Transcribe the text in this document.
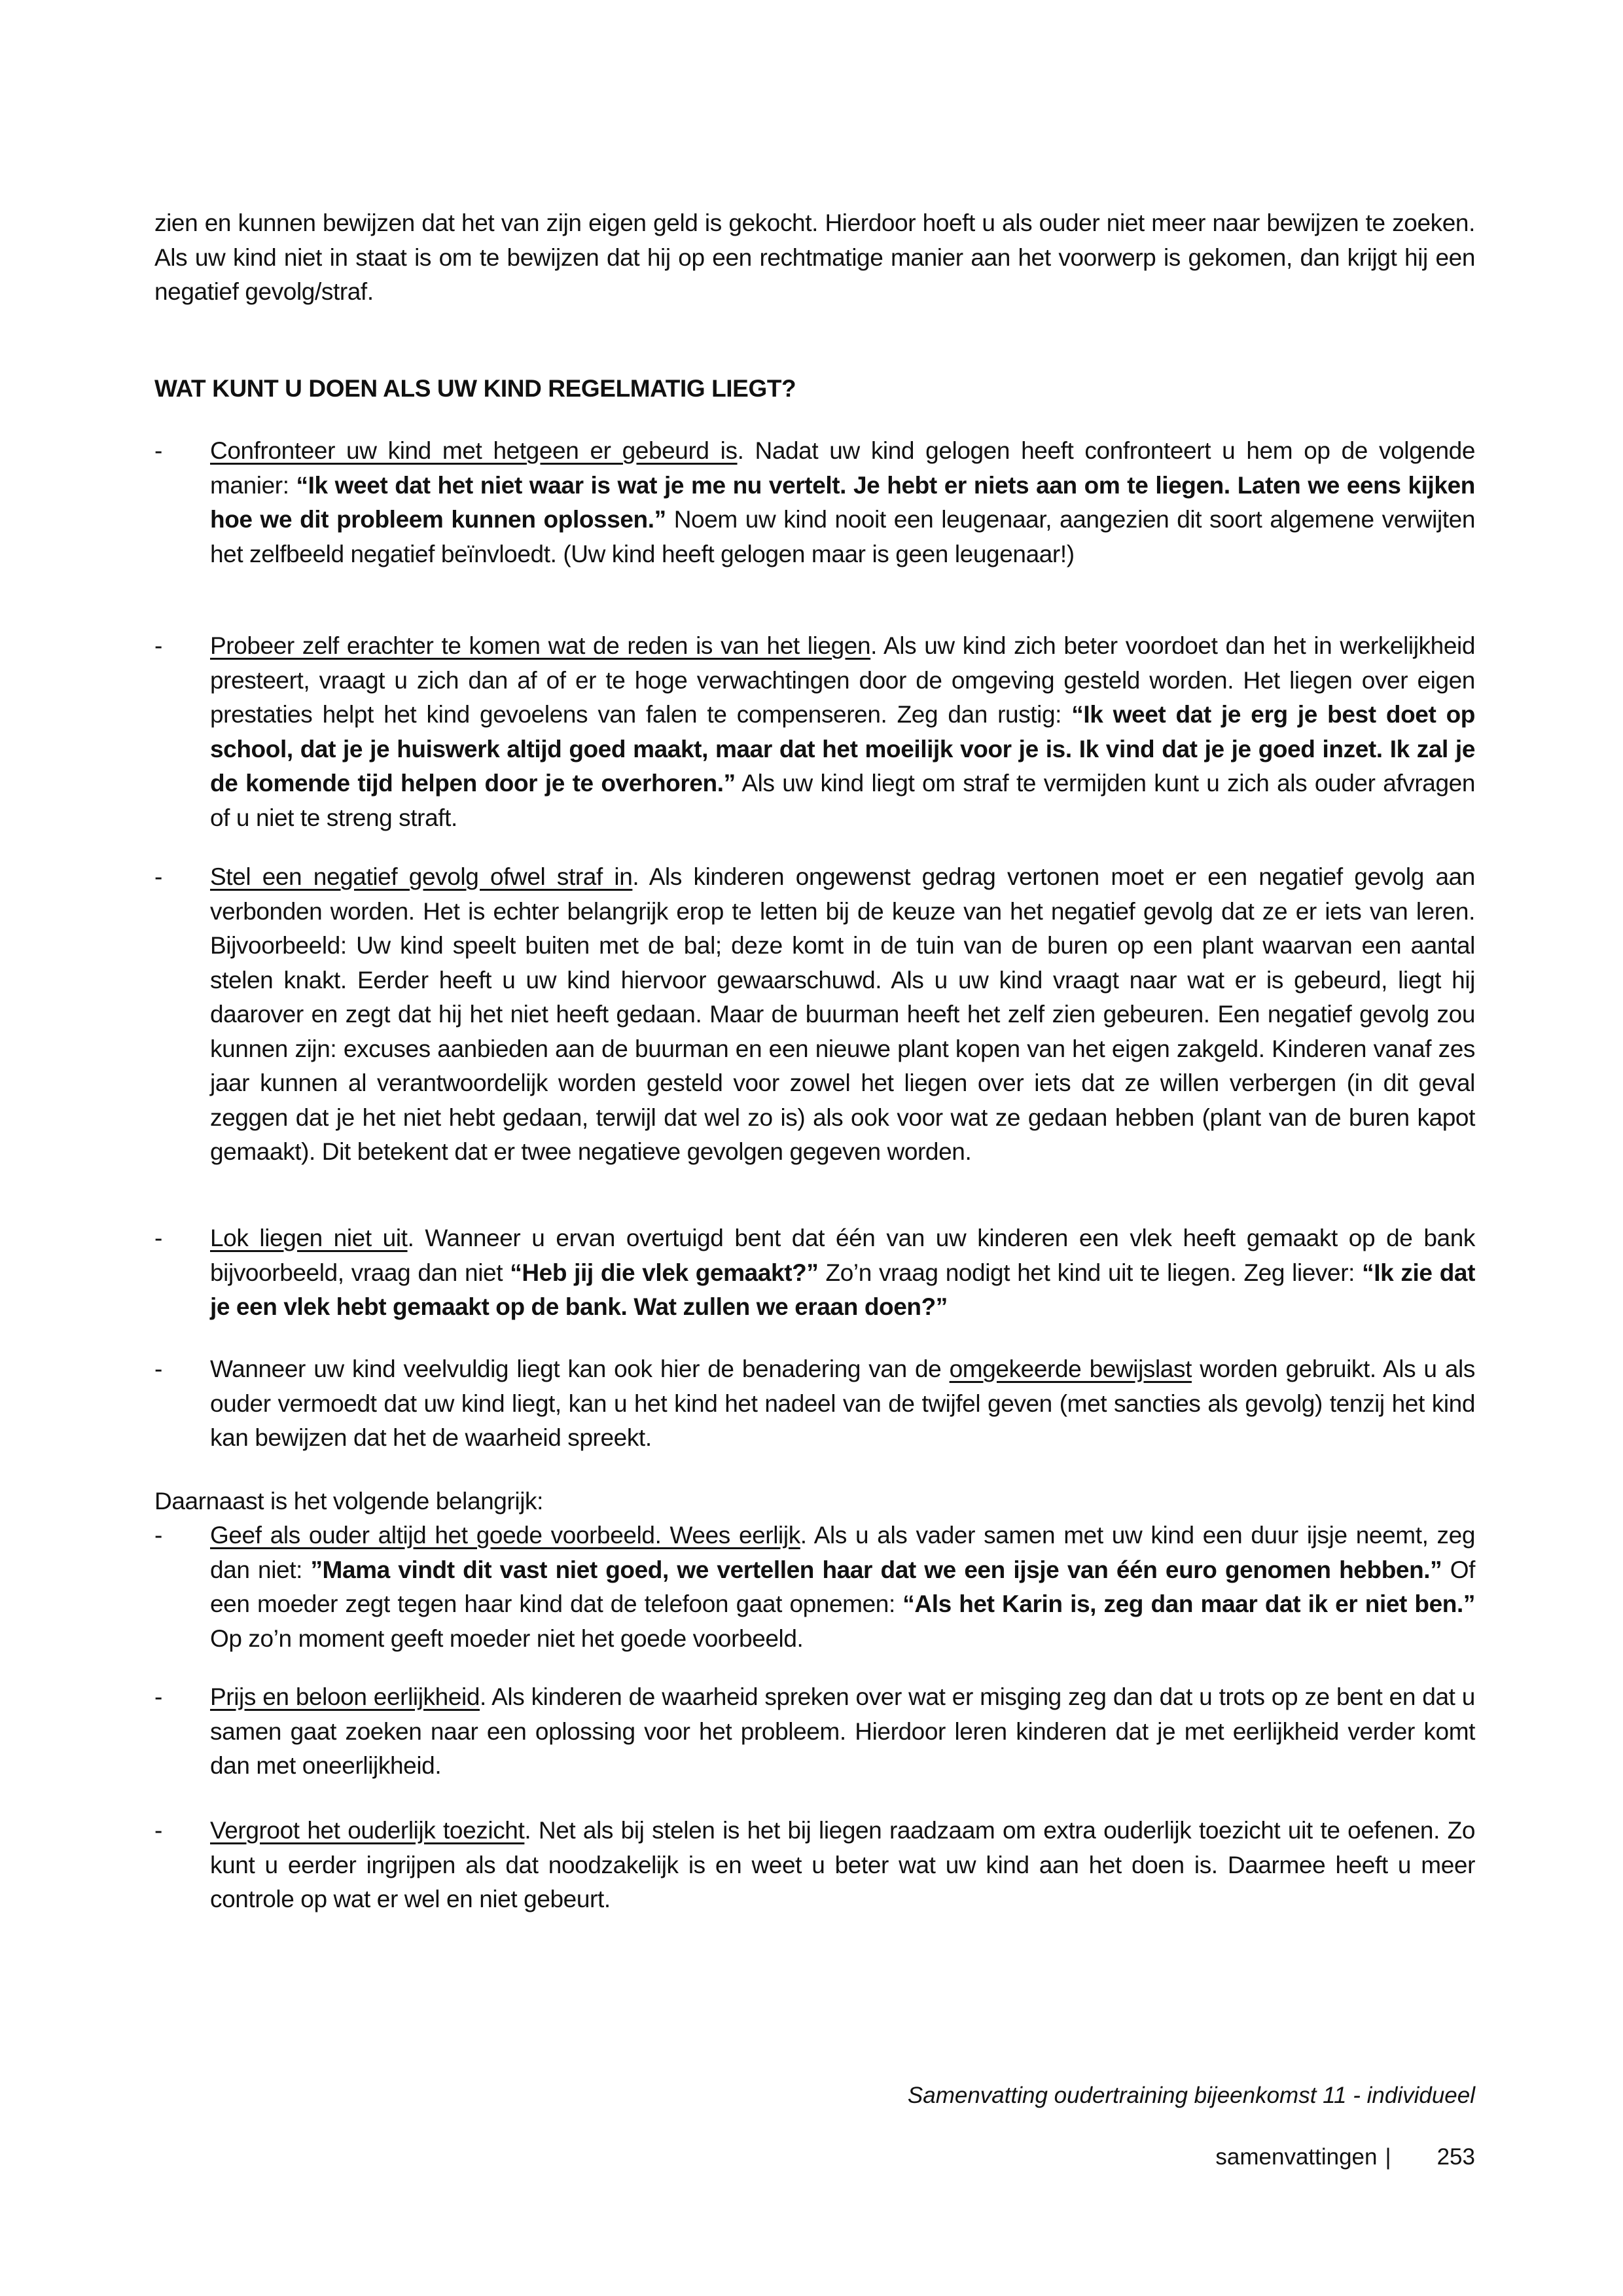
zien en kunnen bewijzen dat het van zijn eigen geld is gekocht. Hierdoor hoeft u als ouder niet meer naar bewijzen te zoeken. Als uw kind niet in staat is om te bewijzen dat hij op een rechtmatige manier aan het voorwerp is gekomen, dan krijgt hij een negatief gevolg/straf.
WAT KUNT U DOEN ALS UW KIND REGELMATIG LIEGT?
- Confronteer uw kind met hetgeen er gebeurd is. Nadat uw kind gelogen heeft confronteert u hem op de volgende manier: “Ik weet dat het niet waar is wat je me nu vertelt. Je hebt er niets aan om te liegen. Laten we eens kijken hoe we dit probleem kunnen oplossen.” Noem uw kind nooit een leugenaar, aangezien dit soort algemene verwijten het zelfbeeld negatief beïnvloedt. (Uw kind heeft gelogen maar is geen leugenaar!)
- Probeer zelf erachter te komen wat de reden is van het liegen. Als uw kind zich beter voordoet dan het in werkelijkheid presteert, vraagt u zich dan af of er te hoge verwachtingen door de omgeving gesteld worden. Het liegen over eigen prestaties helpt het kind gevoelens van falen te compenseren. Zeg dan rustig: “Ik weet dat je erg je best doet op school, dat je je huiswerk altijd goed maakt, maar dat het moeilijk voor je is. Ik vind dat je je goed inzet. Ik zal je de komende tijd helpen door je te overhoren.” Als uw kind liegt om straf te vermijden kunt u zich als ouder afvragen of u niet te streng straft.
- Stel een negatief gevolg ofwel straf in. Als kinderen ongewenst gedrag vertonen moet er een negatief gevolg aan verbonden worden. Het is echter belangrijk erop te letten bij de keuze van het negatief gevolg dat ze er iets van leren. Bijvoorbeeld: Uw kind speelt buiten met de bal; deze komt in de tuin van de buren op een plant waarvan een aantal stelen knakt. Eerder heeft u uw kind hiervoor gewaarschuwd. Als u uw kind vraagt naar wat er is gebeurd, liegt hij daarover en zegt dat hij het niet heeft gedaan. Maar de buurman heeft het zelf zien gebeuren. Een negatief gevolg zou kunnen zijn: excuses aanbieden aan de buurman en een nieuwe plant kopen van het eigen zakgeld. Kinderen vanaf zes jaar kunnen al verantwoordelijk worden gesteld voor zowel het liegen over iets dat ze willen verbergen (in dit geval zeggen dat je het niet hebt gedaan, terwijl dat wel zo is) als ook voor wat ze gedaan hebben (plant van de buren kapot gemaakt). Dit betekent dat er twee negatieve gevolgen gegeven worden.
- Lok liegen niet uit. Wanneer u ervan overtuigd bent dat één van uw kinderen een vlek heeft gemaakt op de bank bijvoorbeeld, vraag dan niet “Heb jij die vlek gemaakt?” Zo’n vraag nodigt het kind uit te liegen. Zeg liever: “Ik zie dat je een vlek hebt gemaakt op de bank. Wat zullen we eraan doen?”
- Wanneer uw kind veelvuldig liegt kan ook hier de benadering van de omgekeerde bewijslast worden gebruikt. Als u als ouder vermoedt dat uw kind liegt, kan u het kind het nadeel van de twijfel geven (met sancties als gevolg) tenzij het kind kan bewijzen dat het de waarheid spreekt.
Daarnaast is het volgende belangrijk:
- Geef als ouder altijd het goede voorbeeld. Wees eerlijk. Als u als vader samen met uw kind een duur ijsje neemt, zeg dan niet: ”Mama vindt dit vast niet goed, we vertellen haar dat we een ijsje van één euro genomen hebben.” Of een moeder zegt tegen haar kind dat de telefoon gaat opnemen: “Als het Karin is, zeg dan maar dat ik er niet ben.” Op zo’n moment geeft moeder niet het goede voorbeeld.
- Prijs en beloon eerlijkheid. Als kinderen de waarheid spreken over wat er misging zeg dan dat u trots op ze bent en dat u samen gaat zoeken naar een oplossing voor het probleem. Hierdoor leren kinderen dat je met eerlijkheid verder komt dan met oneerlijkheid.
- Vergroot het ouderlijk toezicht. Net als bij stelen is het bij liegen raadzaam om extra ouderlijk toezicht uit te oefenen. Zo kunt u eerder ingrijpen als dat noodzakelijk is en weet u beter wat uw kind aan het doen is. Daarmee heeft u meer controle op wat er wel en niet gebeurt.
Samenvatting oudertraining bijeenkomst 11 - individueel
samenvattingen | 253
